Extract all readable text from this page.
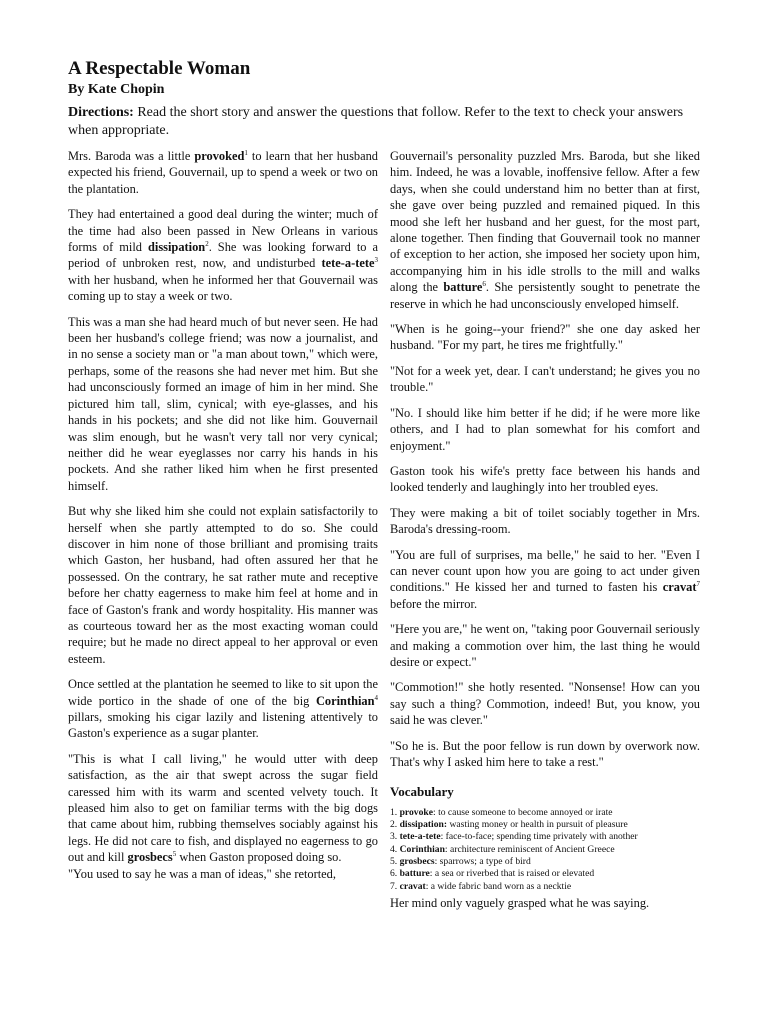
A Respectable Woman
By Kate Chopin
Directions: Read the short story and answer the questions that follow. Refer to the text to check your answers when appropriate.

Mrs. Baroda was a little provoked$^1$ to learn that her husband expected his friend, Gouvernail, up to spend a week or two on the plantation.

They had entertained a good deal during the winter; much of the time had also been passed in New Orleans in various forms of mild dissipation$^2$. She was looking forward to a period of unbroken rest, now, and undisturbed tete-a-tete$^3$ with her husband, when he informed her that Gouvernail was coming up to stay a week or two.

This was a man she had heard much of but never seen. He had been her husband's college friend; was now a journalist, and in no sense a society man or "a man about town," which were, perhaps, some of the reasons she had never met him. But she had unconsciously formed an image of him in her mind. She pictured him tall, slim, cynical; with eye-glasses, and his hands in his pockets; and she did not like him. Gouvernail was slim enough, but he wasn't very tall nor very cynical; neither did he wear eyeglasses nor carry his hands in his pockets. And she rather liked him when he first presented himself.

But why she liked him she could not explain satisfactorily to herself when she partly attempted to do so. She could discover in him none of those brilliant and promising traits which Gaston, her husband, had often assured her that he possessed. On the contrary, he sat rather mute and receptive before her chatty eagerness to make him feel at home and in face of Gaston's frank and wordy hospitality. His manner was as courteous toward her as the most exacting woman could require; but he made no direct appeal to her approval or even esteem.

Once settled at the plantation he seemed to like to sit upon the wide portico in the shade of one of the big Corinthian$^4$ pillars, smoking his cigar lazily and listening attentively to Gaston's experience as a sugar planter.

"This is what I call living," he would utter with deep satisfaction, as the air that swept across the sugar field caressed him with its warm and scented velvety touch. It pleased him also to get on familiar terms with the big dogs that came about him, rubbing themselves sociably against his legs. He did not care to fish, and displayed no eagerness to go out and kill grosbecs$^5$ when Gaston proposed doing so.

"You used to say he was a man of ideas," she retorted,

Gouvernail's personality puzzled Mrs. Baroda, but she liked him. Indeed, he was a lovable, inoffensive fellow. After a few days, when she could understand him no better than at first, she gave over being puzzled and remained piqued. In this mood she left her husband and her guest, for the most part, alone together. Then finding that Gouvernail took no manner of exception to her action, she imposed her society upon him, accompanying him in his idle strolls to the mill and walks along the batture$^6$. She persistently sought to penetrate the reserve in which he had unconsciously enveloped himself.

"When is he going--your friend?" she one day asked her husband. "For my part, he tires me frightfully."

"Not for a week yet, dear. I can't understand; he gives you no trouble."

"No. I should like him better if he did; if he were more like others, and I had to plan somewhat for his comfort and enjoyment."

Gaston took his wife's pretty face between his hands and looked tenderly and laughingly into her troubled eyes.

They were making a bit of toilet sociably together in Mrs. Baroda's dressing-room.

"You are full of surprises, ma belle," he said to her. "Even I can never count upon how you are going to act under given conditions." He kissed her and turned to fasten his cravat$^7$ before the mirror.

"Here you are," he went on, "taking poor Gouvernail seriously and making a commotion over him, the last thing he would desire or expect."

"Commotion!" she hotly resented. "Nonsense! How can you say such a thing? Commotion, indeed! But, you know, you said he was clever."

"So he is. But the poor fellow is run down by overwork now. That's why I asked him here to take a rest."

Vocabulary
1. provoke: to cause someone to become annoyed or irate
2. dissipation: wasting money or health in pursuit of pleasure
3. tete-a-tete: face-to-face; spending time privately with another
4. Corinthian: architecture reminiscent of Ancient Greece
5. grosbecs: sparrows; a type of bird
6. batture: a sea or riverbed that is raised or elevated
7. cravat: a wide fabric band worn as a necktie
Her mind only vaguely grasped what he was saying.
